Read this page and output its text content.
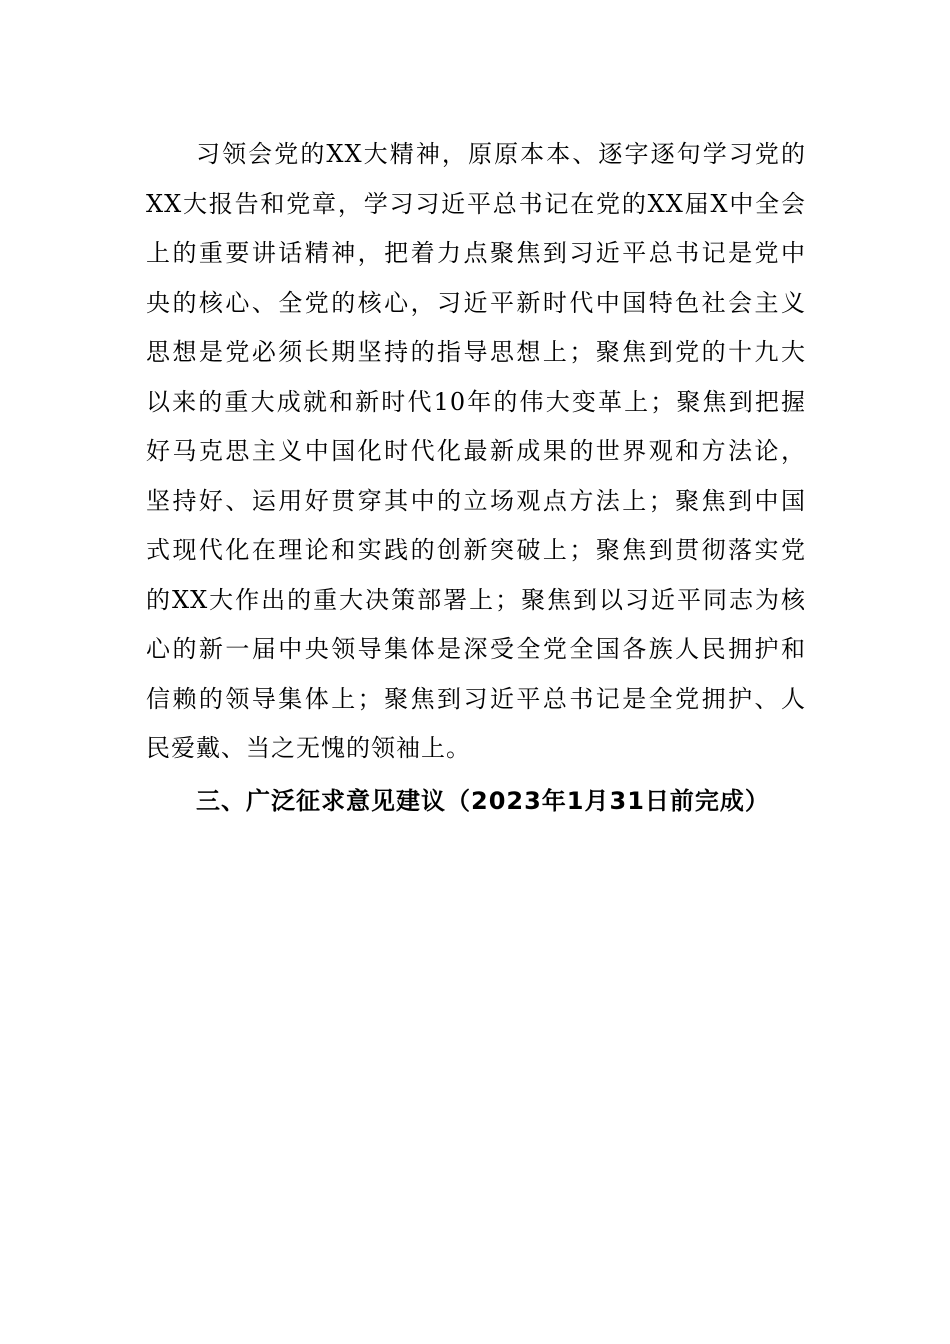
习领会党的XX大精神，原原本本、逐字逐句学习党的
XX大报告和党章，学习习近平总书记在党的XX届X中全会
上的重要讲话精神，把着力点聚焦到习近平总书记是党中
央的核心、全党的核心，习近平新时代中国特色社会主义
思想是党必须长期坚持的指导思想上；聚焦到党的十九大
以来的重大成就和新时代10年的伟大变革上；聚焦到把握
好马克思主义中国化时代化最新成果的世界观和方法论，
坚持好、运用好贯穿其中的立场观点方法上；聚焦到中国
式现代化在理论和实践的创新突破上；聚焦到贯彻落实党
的XX大作出的重大决策部署上；聚焦到以习近平同志为核
心的新一届中央领导集体是深受全党全国各族人民拥护和
信赖的领导集体上；聚焦到习近平总书记是全党拥护、人
民爱戴、当之无愧的领袖上。
三、广泛征求意见建议（2023年1月31日前完成）
